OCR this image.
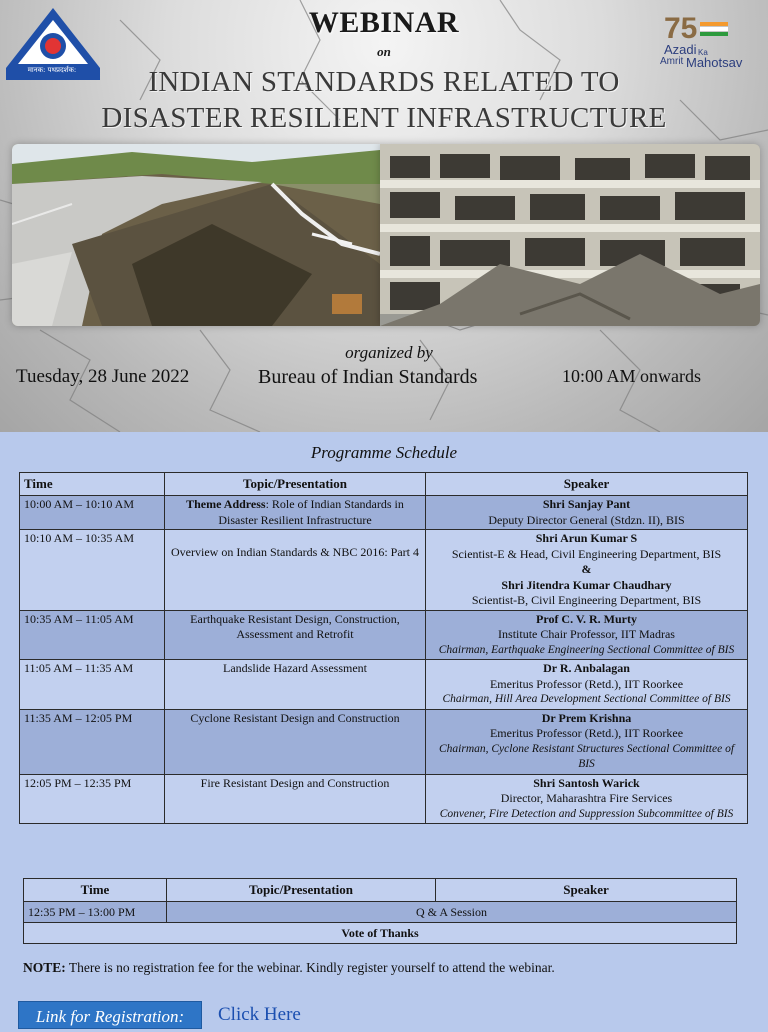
मानक: पथप्रदर्शक:
75
Azadi Ka
Amrit Mahotsav
WEBINAR
on
INDIAN STANDARDS RELATED TO
DISASTER RESILIENT INFRASTRUCTURE
organized by
Tuesday, 28 June 2022	Bureau of Indian Standards	10:00 AM onwards
Programme Schedule
Time	Topic/Presentation	Speaker
10:00 AM – 10:10 AM	Theme Address: Role of Indian Standards in Disaster Resilient Infrastructure	Shri Sanjay Pant
Deputy Director General (Stdzn. II), BIS

10:10 AM – 10:35 AM	Overview on Indian Standards & NBC 2016: Part 4	Shri Arun Kumar S
Scientist-E & Head, Civil Engineering Department, BIS
&
Shri Jitendra Kumar Chaudhary
Scientist-B, Civil Engineering Department, BIS

10:35 AM – 11:05 AM	Earthquake Resistant Design, Construction, Assessment and Retrofit	Prof C. V. R. Murty
Institute Chair Professor, IIT Madras
Chairman, Earthquake Engineering Sectional Committee of BIS

11:05 AM – 11:35 AM	Landslide Hazard Assessment	Dr R. Anbalagan
Emeritus Professor (Retd.), IIT Roorkee
Chairman, Hill Area Development Sectional Committee of BIS

11:35 AM – 12:05 PM	Cyclone Resistant Design and Construction	Dr Prem Krishna
Emeritus Professor (Retd.), IIT Roorkee
Chairman, Cyclone Resistant Structures Sectional Committee of BIS

12:05 PM – 12:35 PM	Fire Resistant Design and Construction	Shri Santosh Warick
Director, Maharashtra Fire Services
Convener, Fire Detection and Suppression Subcommittee of BIS
Time	Topic/Presentation	Speaker
12:35 PM – 13:00 PM	Q & A Session	
Vote of Thanks		
NOTE: There is no registration fee for the webinar. Kindly register yourself to attend the webinar.
Link for Registration:	Click Here
